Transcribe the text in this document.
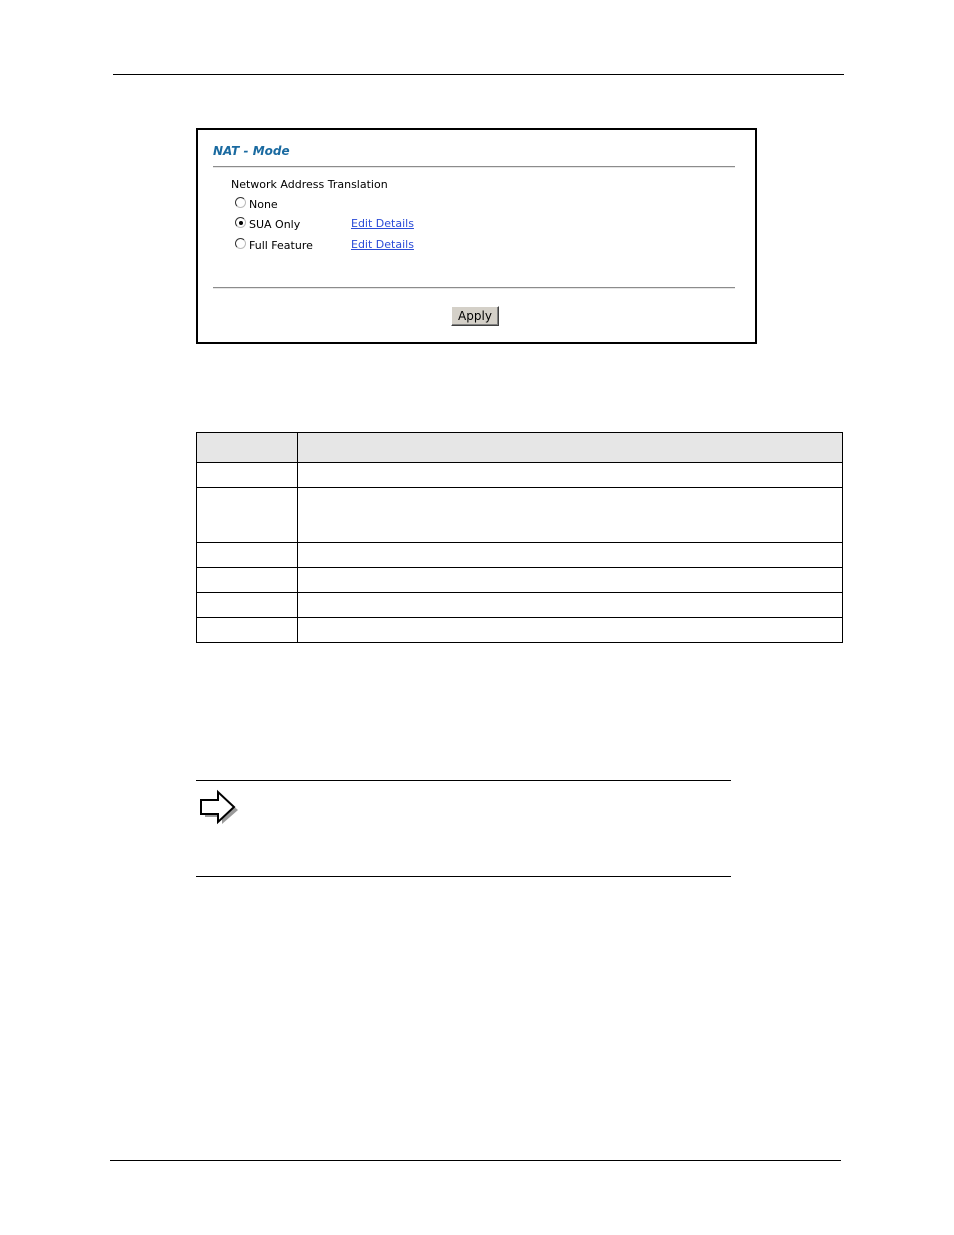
NAT - Mode
Network Address Translation
None
SUA Only	Edit Details
Full Feature	Edit Details
Apply
